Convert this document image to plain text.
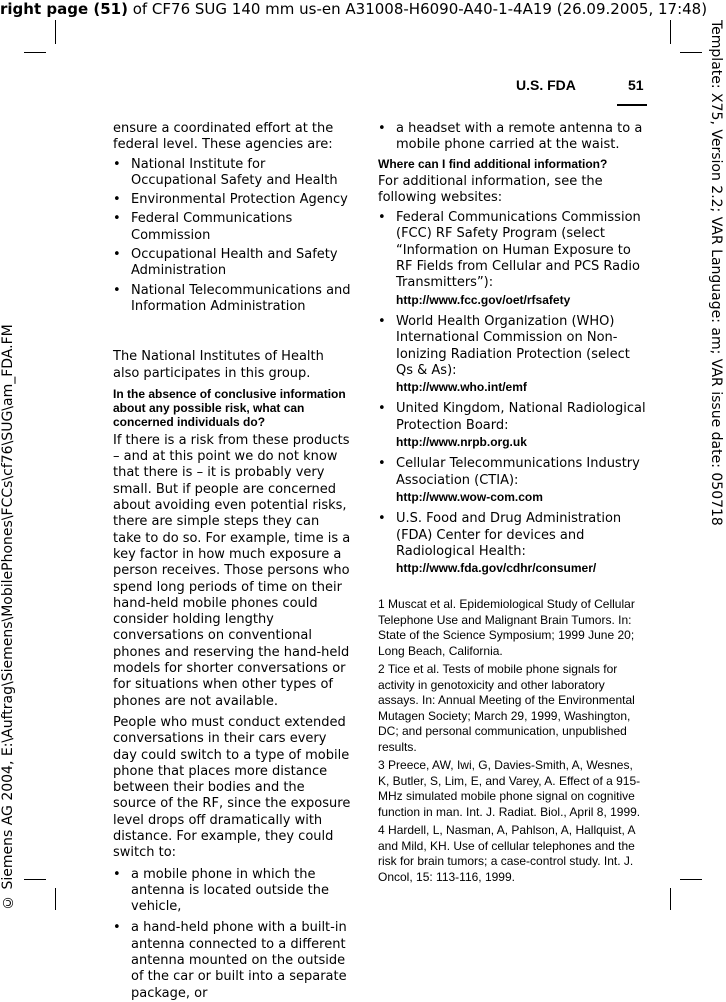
right page (51) of CF76 SUG 140 mm us-en A31008-H6090-A40-1-4A19 (26.09.2005, 17:48)
Template: X75, Version 2.2; VAR Language: am; VAR issue date: 050718
© Siemens AG 2004, E:\Auftrag\Siemens\MobilePhones\FCCs\cf76\SUG\am_FDA.FM
U.S. FDA	51

ensure a coordinated effort at the federal level. These agencies are:

• National Institute for Occupational Safety and Health
• Environmental Protection Agency
• Federal Communications Commission
• Occupational Health and Safety Administration
• National Telecommunications and Information Administration

The National Institutes of Health also participates in this group.

In the absence of conclusive information about any possible risk, what can concerned individuals do?

If there is a risk from these products – and at this point we do not know that there is – it is probably very small. But if people are concerned about avoiding even potential risks, there are simple steps they can take to do so. For example, time is a key factor in how much exposure a person receives. Those persons who spend long periods of time on their hand-held mobile phones could consider holding lengthy conversations on conventional phones and reserving the hand-held models for shorter conversations or for situations when other types of phones are not available.

People who must conduct extended conversations in their cars every day could switch to a type of mobile phone that places more distance between their bodies and the source of the RF, since the exposure level drops off dramatically with distance. For example, they could switch to:

• a mobile phone in which the antenna is located outside the vehicle,
• a hand-held phone with a built-in antenna connected to a different antenna mounted on the outside of the car or built into a separate package, or
• a headset with a remote antenna to a mobile phone carried at the waist.

Where can I find additional information?

For additional information, see the following websites:

• Federal Communications Commission (FCC) RF Safety Program (select “Information on Human Exposure to RF Fields from Cellular and PCS Radio Transmitters”):
http://www.fcc.gov/oet/rfsafety
• World Health Organization (WHO) International Commission on Non-Ionizing Radiation Protection (select Qs & As):
http://www.who.int/emf
• United Kingdom, National Radiological Protection Board:
http://www.nrpb.org.uk
• Cellular Telecommunications Industry Association (CTIA):
http://www.wow-com.com
• U.S. Food and Drug Administration (FDA) Center for devices and Radiological Health:
http://www.fda.gov/cdhr/consumer/

1 Muscat et al. Epidemiological Study of Cellular Telephone Use and Malignant Brain Tumors. In: State of the Science Symposium; 1999 June 20; Long Beach, California.

2 Tice et al. Tests of mobile phone signals for activity in genotoxicity and other laboratory assays. In: Annual Meeting of the Environmental Mutagen Society; March 29, 1999, Washington, DC; and personal communication, unpublished results.

3 Preece, AW, Iwi, G, Davies-Smith, A, Wesnes, K, Butler, S, Lim, E, and Varey, A. Effect of a 915-MHz simulated mobile phone signal on cognitive function in man. Int. J. Radiat. Biol., April 8, 1999.

4 Hardell, L, Nasman, A, Pahlson, A, Hallquist, A and Mild, KH. Use of cellular telephones and the risk for brain tumors; a case-control study. Int. J. Oncol, 15: 113-116, 1999.
